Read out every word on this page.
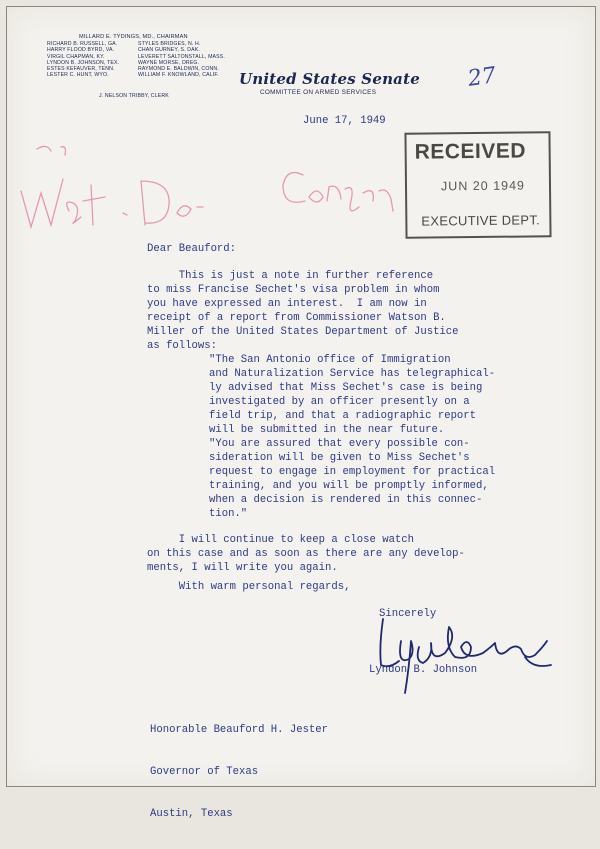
MILLARD E. TYDINGS, MD., CHAIRMAN
RICHARD B. RUSSELL, GA.
HARRY FLOOD BYRD, VA.
VIRGIL CHAPMAN, KY.
LYNDON B. JOHNSON, TEX.
ESTES KEFAUVER, TENN.
LESTER C. HUNT, WYO.
STYLES BRIDGES, N. H.
CHAN GURNEY, S. DAK.
LEVERETT SALTONSTALL, MASS.
WAYNE MORSE, OREG.
RAYMOND E. BALDWIN, CONN.
WILLIAM F. KNOWLAND, CALIF.
J. NELSON TRIBBY, CLERK
United States Senate
COMMITTEE ON ARMED SERVICES
27
June 17, 1949
RECEIVED
JUN 20 1949
EXECUTIVE DEPT.
Dear Beauford:
This is just a note in further reference
to miss Francise Sechet's visa problem in whom
you have expressed an interest.  I am now in
receipt of a report from Commissioner Watson B.
Miller of the United States Department of Justice
as follows:
"The San Antonio office of Immigration
and Naturalization Service has telegraphical-
ly advised that Miss Sechet's case is being
investigated by an officer presently on a
field trip, and that a radiographic report
will be submitted in the near future.
"You are assured that every possible con-
sideration will be given to Miss Sechet's
request to engage in employment for practical
training, and you will be promptly informed,
when a decision is rendered in this connec-
tion."
I will continue to keep a close watch
on this case and as soon as there are any develop-
ments, I will write you again.
With warm personal regards,
Sincerely
Lyndon B. Johnson

Honorable Beauford H. Jester

Governor of Texas

Austin, Texas
